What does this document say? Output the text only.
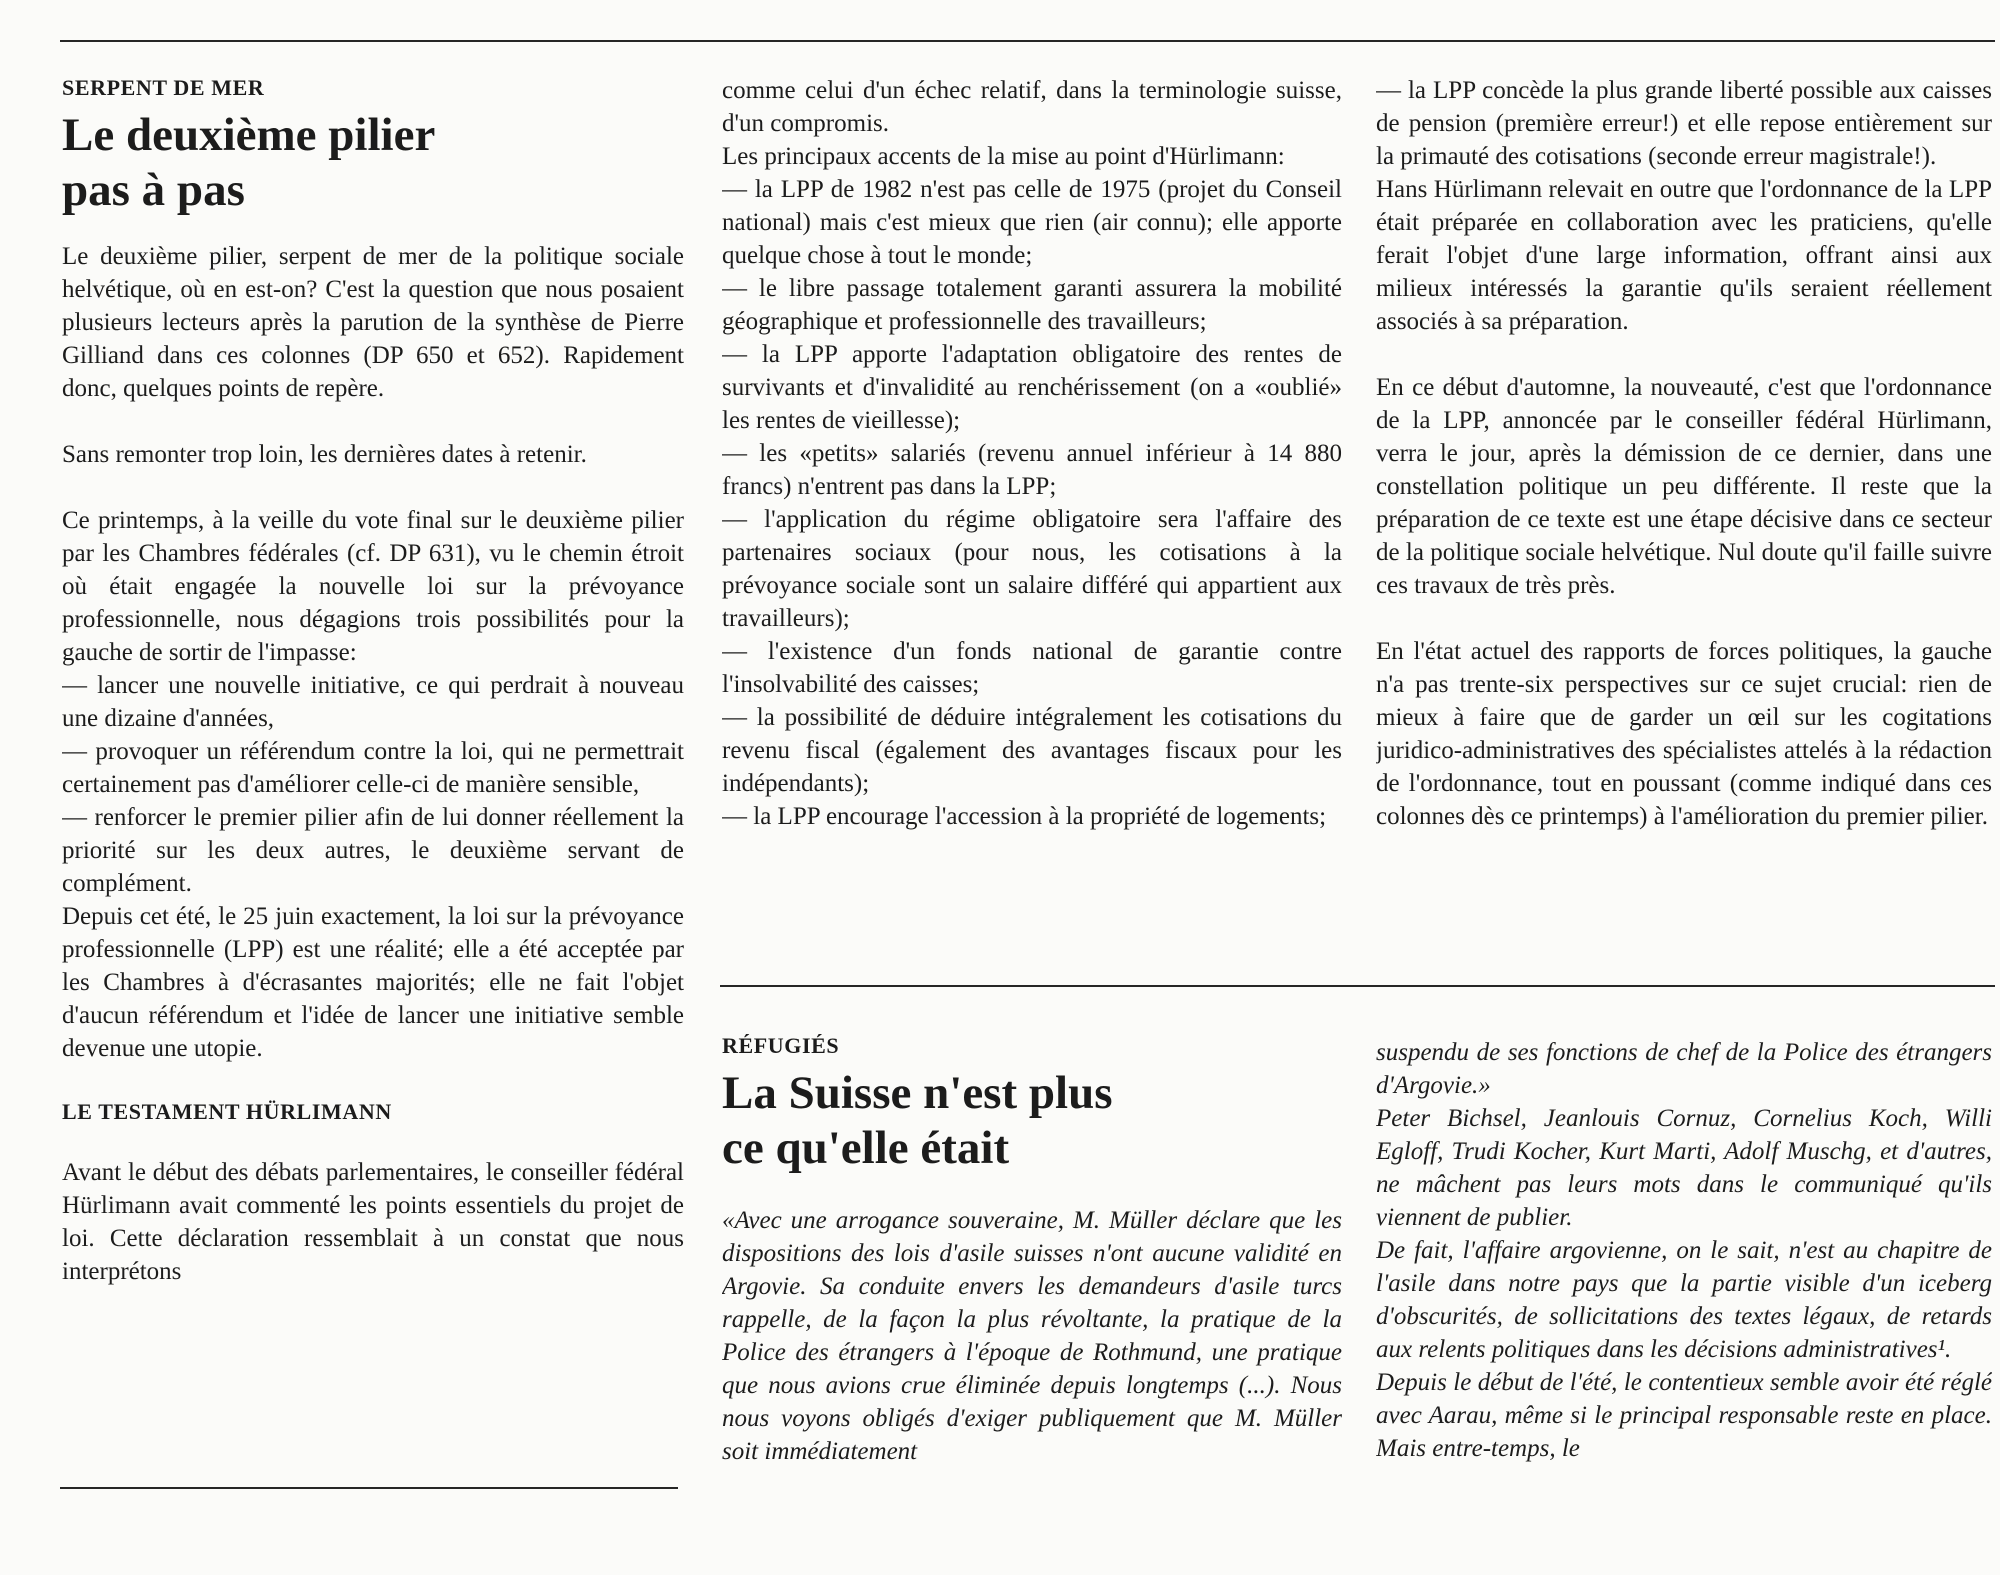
SERPENT DE MER
Le deuxième pilier
pas à pas

Le deuxième pilier, serpent de mer de la politique sociale helvétique, où en est-on? C'est la question que nous posaient plusieurs lecteurs après la parution de la synthèse de Pierre Gilliand dans ces colonnes (DP 650 et 652). Rapidement donc, quelques points de repère.

Sans remonter trop loin, les dernières dates à retenir.

Ce printemps, à la veille du vote final sur le deuxième pilier par les Chambres fédérales (cf. DP 631), vu le chemin étroit où était engagée la nouvelle loi sur la prévoyance professionnelle, nous dégagions trois possibilités pour la gauche de sortir de l'impasse:

— lancer une nouvelle initiative, ce qui perdrait à nouveau une dizaine d'années,

— provoquer un référendum contre la loi, qui ne permettrait certainement pas d'améliorer celle-ci de manière sensible,

— renforcer le premier pilier afin de lui donner réellement la priorité sur les deux autres, le deuxième servant de complément.

Depuis cet été, le 25 juin exactement, la loi sur la prévoyance professionnelle (LPP) est une réalité; elle a été acceptée par les Chambres à d'écrasantes majorités; elle ne fait l'objet d'aucun référendum et l'idée de lancer une initiative semble devenue une utopie.

LE TESTAMENT HÜRLIMANN

Avant le début des débats parlementaires, le conseiller fédéral Hürlimann avait commenté les points essentiels du projet de loi. Cette déclaration ressemblait à un constat que nous interprétons

comme celui d'un échec relatif, dans la terminologie suisse, d'un compromis.

Les principaux accents de la mise au point d'Hürlimann:

— la LPP de 1982 n'est pas celle de 1975 (projet du Conseil national) mais c'est mieux que rien (air connu); elle apporte quelque chose à tout le monde;

— le libre passage totalement garanti assurera la mobilité géographique et professionnelle des travailleurs;

— la LPP apporte l'adaptation obligatoire des rentes de survivants et d'invalidité au renchérissement (on a «oublié» les rentes de vieillesse);

— les «petits» salariés (revenu annuel inférieur à 14 880 francs) n'entrent pas dans la LPP;

— l'application du régime obligatoire sera l'affaire des partenaires sociaux (pour nous, les cotisations à la prévoyance sociale sont un salaire différé qui appartient aux travailleurs);

— l'existence d'un fonds national de garantie contre l'insolvabilité des caisses;

— la possibilité de déduire intégralement les cotisations du revenu fiscal (également des avantages fiscaux pour les indépendants);

— la LPP encourage l'accession à la propriété de logements;

— la LPP concède la plus grande liberté possible aux caisses de pension (première erreur!) et elle repose entièrement sur la primauté des cotisations (seconde erreur magistrale!).

Hans Hürlimann relevait en outre que l'ordonnance de la LPP était préparée en collaboration avec les praticiens, qu'elle ferait l'objet d'une large information, offrant ainsi aux milieux intéressés la garantie qu'ils seraient réellement associés à sa préparation.

En ce début d'automne, la nouveauté, c'est que l'ordonnance de la LPP, annoncée par le conseiller fédéral Hürlimann, verra le jour, après la démission de ce dernier, dans une constellation politique un peu différente. Il reste que la préparation de ce texte est une étape décisive dans ce secteur de la politique sociale helvétique. Nul doute qu'il faille suivre ces travaux de très près.

En l'état actuel des rapports de forces politiques, la gauche n'a pas trente-six perspectives sur ce sujet crucial: rien de mieux à faire que de garder un œil sur les cogitations juridico-administratives des spécialistes attelés à la rédaction de l'ordonnance, tout en poussant (comme indiqué dans ces colonnes dès ce printemps) à l'amélioration du premier pilier.

RÉFUGIÉS
La Suisse n'est plus
ce qu'elle était

«Avec une arrogance souveraine, M. Müller déclare que les dispositions des lois d'asile suisses n'ont aucune validité en Argovie. Sa conduite envers les demandeurs d'asile turcs rappelle, de la façon la plus révoltante, la pratique de la Police des étrangers à l'époque de Rothmund, une pratique que nous avions crue éliminée depuis longtemps (...). Nous nous voyons obligés d'exiger publiquement que M. Müller soit immédiatement

suspendu de ses fonctions de chef de la Police des étrangers d'Argovie.»

Peter Bichsel, Jeanlouis Cornuz, Cornelius Koch, Willi Egloff, Trudi Kocher, Kurt Marti, Adolf Muschg, et d'autres, ne mâchent pas leurs mots dans le communiqué qu'ils viennent de publier.

De fait, l'affaire argovienne, on le sait, n'est au chapitre de l'asile dans notre pays que la partie visible d'un iceberg d'obscurités, de sollicitations des textes légaux, de retards aux relents politiques dans les décisions administratives¹.

Depuis le début de l'été, le contentieux semble avoir été réglé avec Aarau, même si le principal responsable reste en place. Mais entre-temps, le
